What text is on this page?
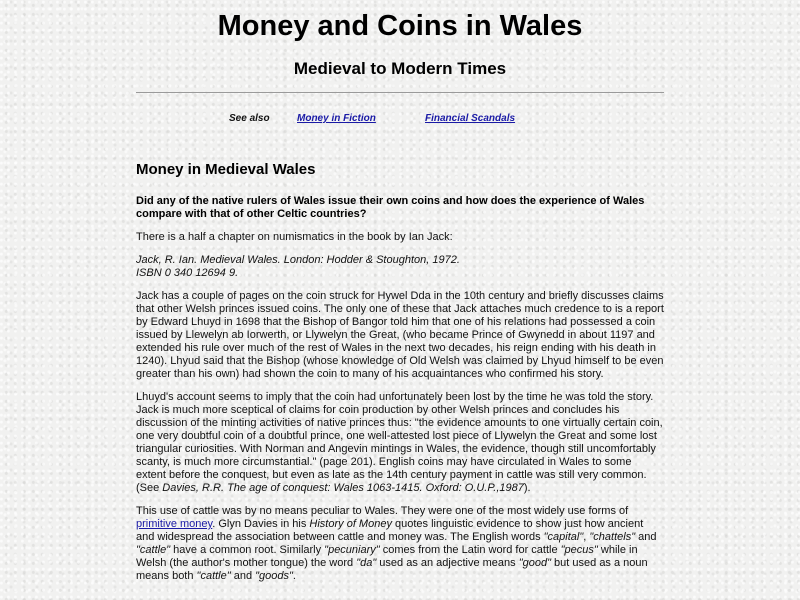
Money and Coins in Wales
Medieval to Modern Times
See also	Money in Fiction	Financial Scandals
Money in Medieval Wales

Did any of the native rulers of Wales issue their own coins and how does the experience of Wales compare with that of other Celtic countries?

There is a half a chapter on numismatics in the book by Ian Jack:

Jack, R. Ian. Medieval Wales. London: Hodder & Stoughton, 1972.
ISBN 0 340 12694 9.

Jack has a couple of pages on the coin struck for Hywel Dda in the 10th century and briefly discusses claims that other Welsh princes issued coins. The only one of these that Jack attaches much credence to is a report by Edward Lhuyd in 1698 that the Bishop of Bangor told him that one of his relations had possessed a coin issued by Llewelyn ab Iorwerth, or Llywelyn the Great, (who became Prince of Gwynedd in about 1197 and extended his rule over much of the rest of Wales in the next two decades, his reign ending with his death in 1240). Lhyud said that the Bishop (whose knowledge of Old Welsh was claimed by Lhyud himself to be even greater than his own) had shown the coin to many of his acquaintances who confirmed his story.

Lhuyd's account seems to imply that the coin had unfortunately been lost by the time he was told the story. Jack is much more sceptical of claims for coin production by other Welsh princes and concludes his discussion of the minting activities of native princes thus: "the evidence amounts to one virtually certain coin, one very doubtful coin of a doubtful prince, one well-attested lost piece of Llywelyn the Great and some lost triangular curiosities. With Norman and Angevin mintings in Wales, the evidence, though still uncomfortably scanty, is much more circumstantial." (page 201). English coins may have circulated in Wales to some extent before the conquest, but even as late as the 14th century payment in cattle was still very common. (See Davies, R.R. The age of conquest: Wales 1063-1415. Oxford: O.U.P.,1987).

This use of cattle was by no means peculiar to Wales. They were one of the most widely use forms of primitive money. Glyn Davies in his History of Money quotes linguistic evidence to show just how ancient and widespread the association between cattle and money was. The English words "capital", "chattels" and "cattle" have a common root. Similarly "pecuniary" comes from the Latin word for cattle "pecus" while in Welsh (the author's mother tongue) the word "da" used as an adjective means "good" but used as a noun means both "cattle" and "goods".
